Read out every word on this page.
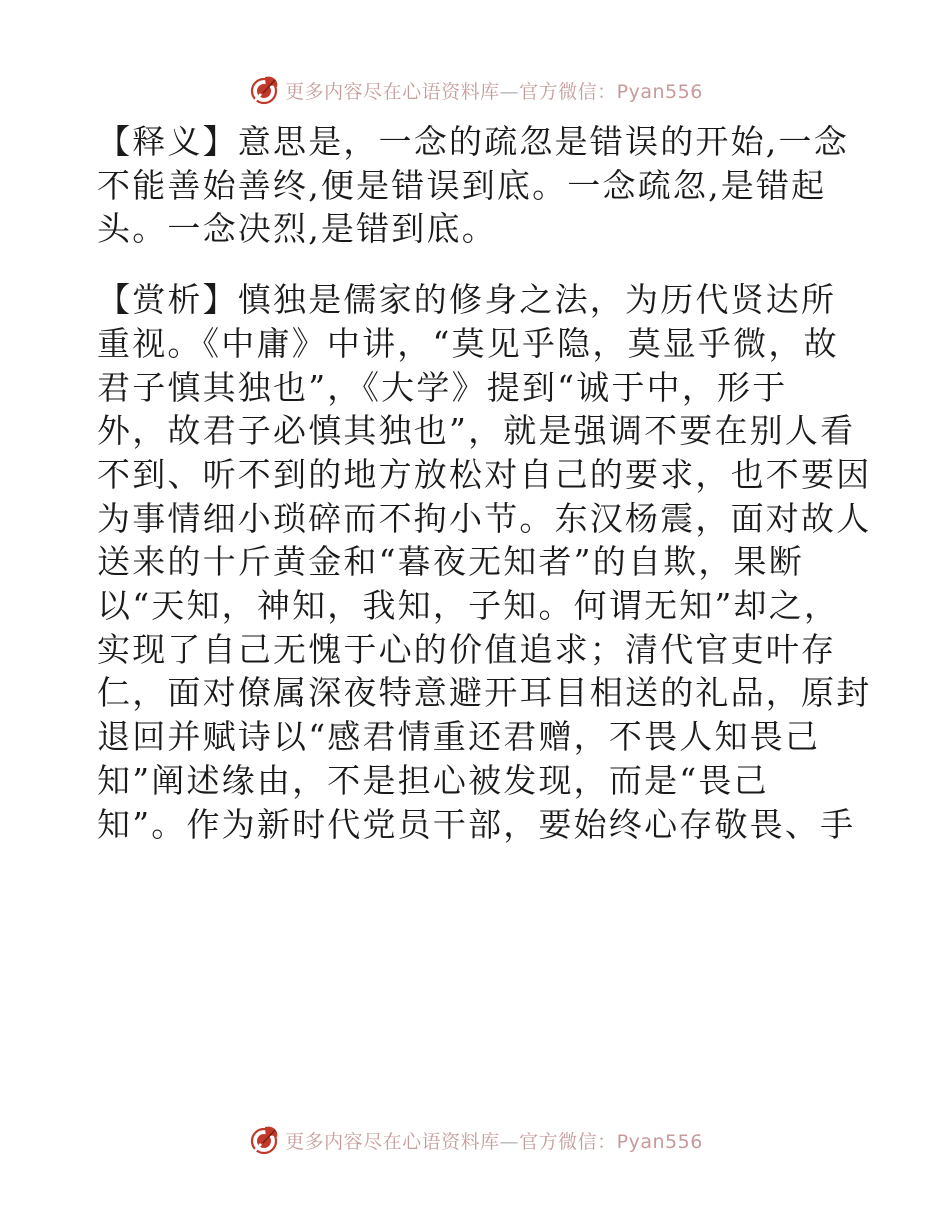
更多内容尽在心语资料库—官方微信：Pyan556
【释义】意思是，一念的疏忽是错误的开始,一念
不能善始善终,便是错误到底。一念疏忽,是错起
头。一念决烈,是错到底。
【赏析】慎独是儒家的修身之法，为历代贤达所
重视。《中庸》中讲，“莫见乎隐，莫显乎微，故
君子慎其独也”，《大学》提到“诚于中，形于
外，故君子必慎其独也”，就是强调不要在别人看
不到、听不到的地方放松对自己的要求，也不要因
为事情细小琐碎而不拘小节。东汉杨震，面对故人
送来的十斤黄金和“暮夜无知者”的自欺，果断
以“天知，神知，我知，子知。何谓无知”却之，
实现了自己无愧于心的价值追求；清代官吏叶存
仁，面对僚属深夜特意避开耳目相送的礼品，原封
退回并赋诗以“感君情重还君赠，不畏人知畏己
知”阐述缘由，不是担心被发现，而是“畏己
知”。作为新时代党员干部，要始终心存敬畏、手
更多内容尽在心语资料库—官方微信：Pyan556
